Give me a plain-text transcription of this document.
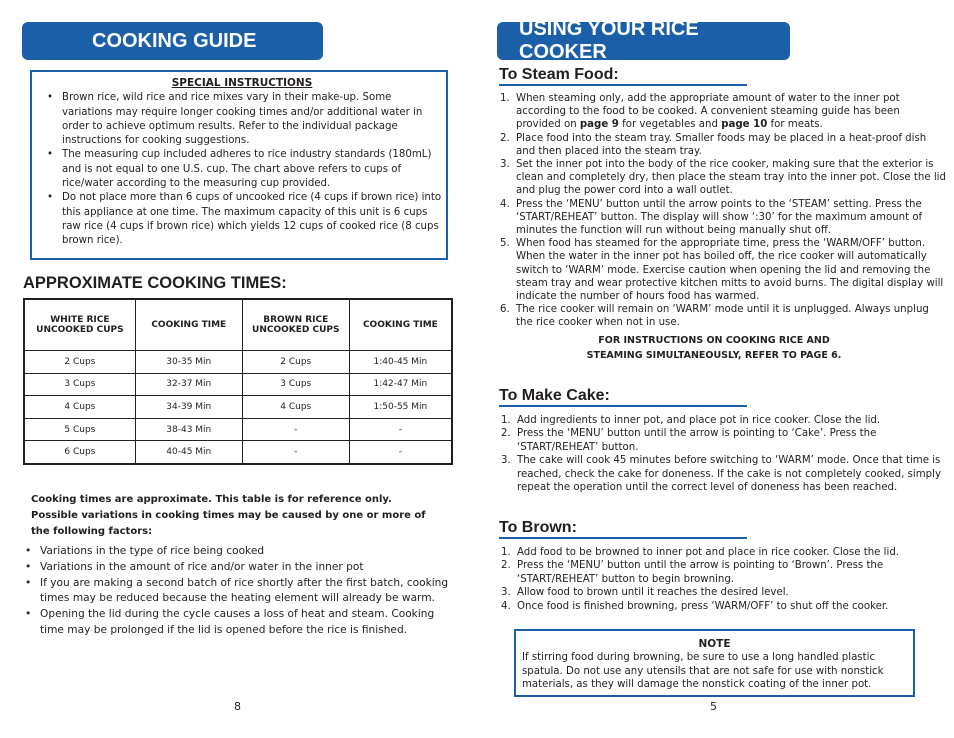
COOKING GUIDE
SPECIAL INSTRUCTIONS
• Brown rice, wild rice and rice mixes vary in their make-up. Some variations may require longer cooking times and/or additional water in order to achieve optimum results. Refer to the individual package instructions for cooking suggestions.
• The measuring cup included adheres to rice industry standards (180mL) and is not equal to one U.S. cup. The chart above refers to cups of rice/water according to the measuring cup provided.
• Do not place more than 6 cups of uncooked rice (4 cups if brown rice) into this appliance at one time. The maximum capacity of this unit is 6 cups raw rice (4 cups if brown rice) which yields 12 cups of cooked rice (8 cups brown rice).
APPROXIMATE COOKING TIMES:
WHITE RICE UNCOOKED CUPS	COOKING TIME	BROWN RICE UNCOOKED CUPS	COOKING TIME
2 Cups	30-35 Min	2 Cups	1:40-45 Min
3 Cups	32-37 Min	3 Cups	1:42-47 Min
4 Cups	34-39 Min	4 Cups	1:50-55 Min
5 Cups	38-43 Min	-	-
6 Cups	40-45 Min	-	-
Cooking times are approximate. This table is for reference only. Possible variations in cooking times may be caused by one or more of the following factors:
• Variations in the type of rice being cooked
• Variations in the amount of rice and/or water in the inner pot
• If you are making a second batch of rice shortly after the first batch, cooking times may be reduced because the heating element will already be warm.
• Opening the lid during the cycle causes a loss of heat and steam. Cooking time may be prolonged if the lid is opened before the rice is finished.
8
USING YOUR RICE COOKER
To Steam Food:
1. When steaming only, add the appropriate amount of water to the inner pot according to the food to be cooked. A convenient steaming guide has been provided on page 9 for vegetables and page 10 for meats.
2. Place food into the steam tray. Smaller foods may be placed in a heat-proof dish and then placed into the steam tray.
3. Set the inner pot into the body of the rice cooker, making sure that the exterior is clean and completely dry, then place the steam tray into the inner pot. Close the lid and plug the power cord into a wall outlet.
4. Press the ‘MENU’ button until the arrow points to the ‘STEAM’ setting. Press the ‘START/REHEAT’ button. The display will show ‘:30’ for the maximum amount of minutes the function will run without being manually shut off.
5. When food has steamed for the appropriate time, press the ‘WARM/OFF’ button. When the water in the inner pot has boiled off, the rice cooker will automatically switch to ‘WARM’ mode. Exercise caution when opening the lid and removing the steam tray and wear protective kitchen mitts to avoid burns. The digital display will indicate the number of hours food has warmed.
6. The rice cooker will remain on ‘WARM’ mode until it is unplugged. Always unplug the rice cooker when not in use.
FOR INSTRUCTIONS ON COOKING RICE AND
STEAMING SIMULTANEOUSLY, REFER TO PAGE 6.
To Make Cake:
1. Add ingredients to inner pot, and place pot in rice cooker. Close the lid.
2. Press the ‘MENU’ button until the arrow is pointing to ‘Cake’. Press the ‘START/REHEAT’ button.
3. The cake will cook 45 minutes before switching to ‘WARM’ mode. Once that time is reached, check the cake for doneness. If the cake is not completely cooked, simply repeat the operation until the correct level of doneness has been reached.
To Brown:
1. Add food to be browned to inner pot and place in rice cooker. Close the lid.
2. Press the ‘MENU’ button until the arrow is pointing to ‘Brown’. Press the ‘START/REHEAT’ button to begin browning.
3. Allow food to brown until it reaches the desired level.
4. Once food is finished browning, press ‘WARM/OFF’ to shut off the cooker.
NOTE
If stirring food during browning, be sure to use a long handled plastic spatula. Do not use any utensils that are not safe for use with nonstick materials, as they will damage the nonstick coating of the inner pot.
5
